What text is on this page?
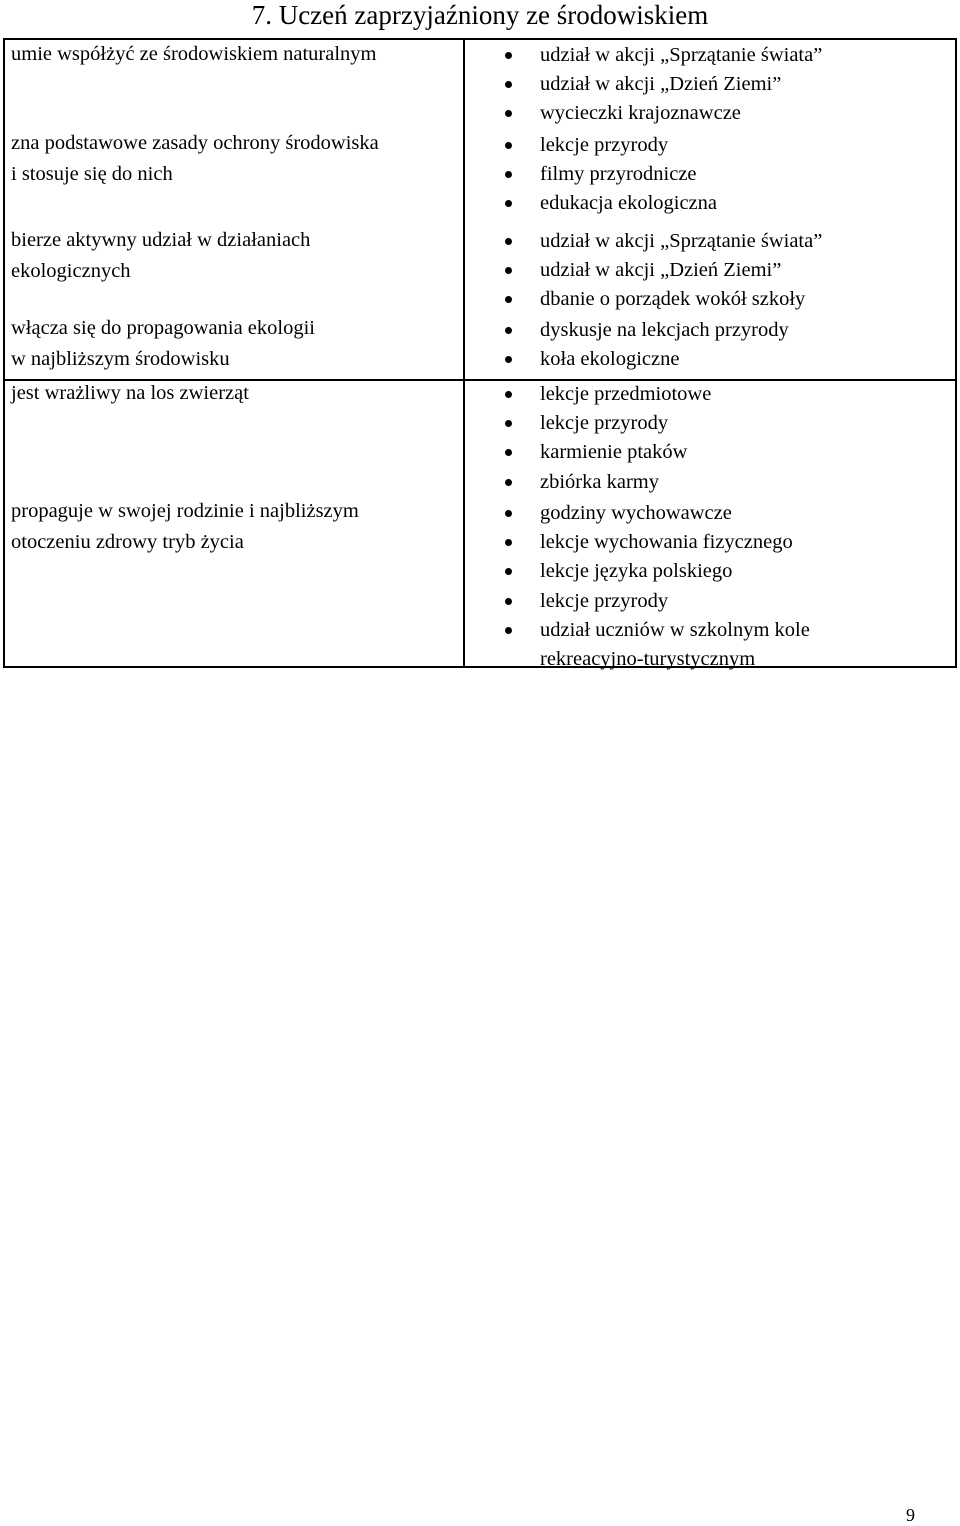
7. Uczeń zaprzyjaźniony ze środowiskiem
umie współżyć ze środowiskiem naturalnym	udział w akcji „Sprzątanie świata”
udział w akcji „Dzień Ziemi”
wycieczki krajoznawcze
zna podstawowe zasady ochrony środowiska
i stosuje się do nich
lekcje przyrody
filmy przyrodnicze
edukacja ekologiczna
bierze aktywny udział w działaniach
ekologicznych
udział w akcji „Sprzątanie świata”
udział w akcji „Dzień Ziemi”
dbanie o porządek wokół szkoły
włącza się do propagowania ekologii
w najbliższym środowisku
dyskusje na lekcjach przyrody
koła ekologiczne
jest wrażliwy na los zwierząt	lekcje przedmiotowe
lekcje przyrody
karmienie ptaków
zbiórka karmy
propaguje w swojej rodzinie i najbliższym
otoczeniu zdrowy tryb życia
godziny wychowawcze
lekcje wychowania fizycznego
lekcje języka polskiego
lekcje przyrody
udział uczniów w szkolnym kole
rekreacyjno-turystycznym
9
